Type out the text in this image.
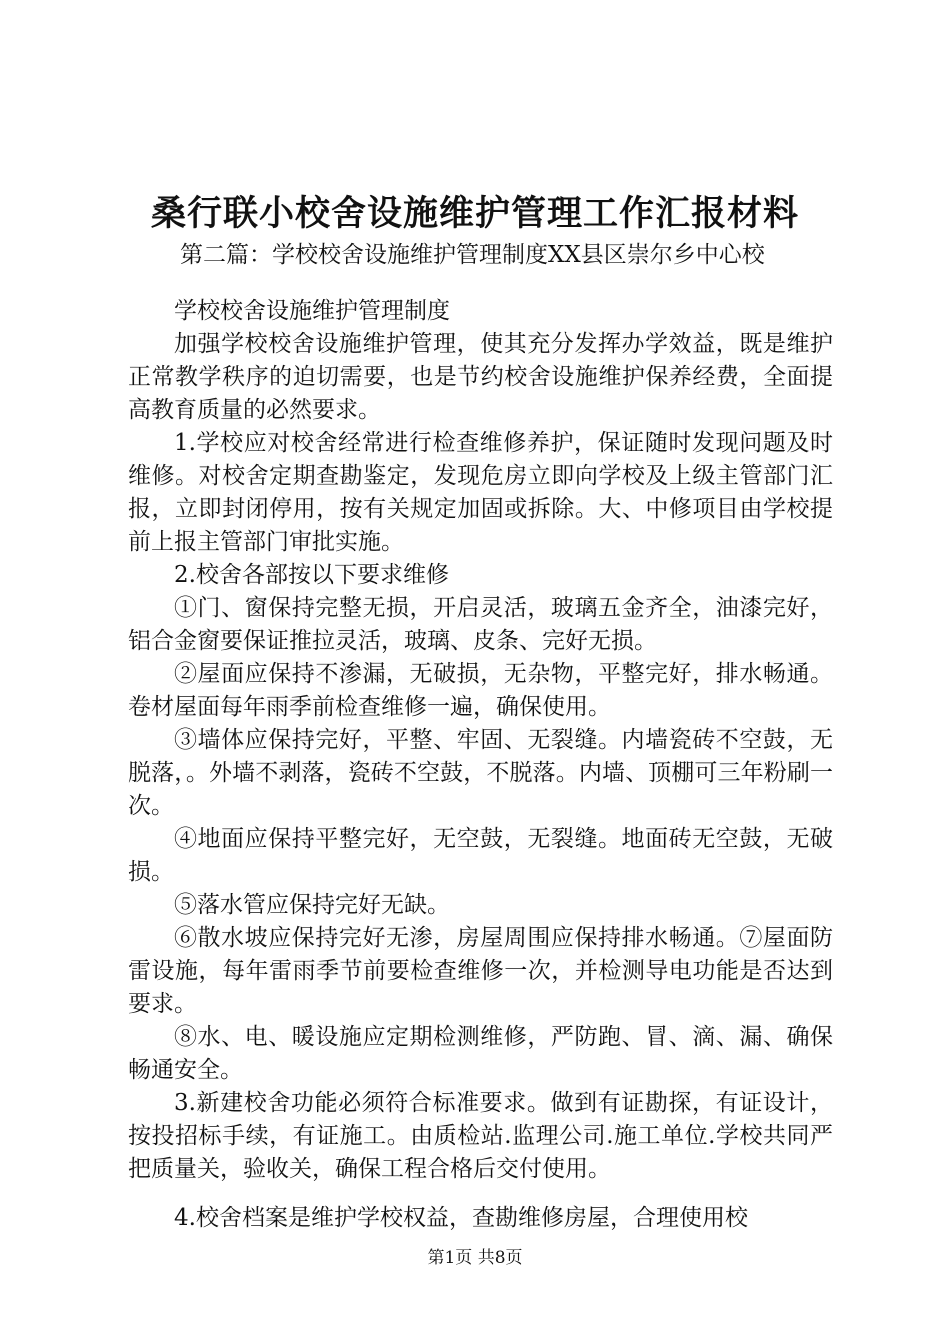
桑行联小校舍设施维护管理工作汇报材料
第二篇：学校校舍设施维护管理制度XX县区崇尔乡中心校

学校校舍设施维护管理制度

加强学校校舍设施维护管理，使其充分发挥办学效益，既是维护正常教学秩序的迫切需要，也是节约校舍设施维护保养经费，全面提高教育质量的必然要求。

1.学校应对校舍经常进行检查维修养护，保证随时发现问题及时维修。对校舍定期查勘鉴定，发现危房立即向学校及上级主管部门汇报，立即封闭停用，按有关规定加固或拆除。大、中修项目由学校提前上报主管部门审批实施。

2.校舍各部按以下要求维修

①门、窗保持完整无损，开启灵活，玻璃五金齐全，油漆完好，铝合金窗要保证推拉灵活，玻璃、皮条、完好无损。

②屋面应保持不渗漏，无破损，无杂物，平整完好，排水畅通。卷材屋面每年雨季前检查维修一遍，确保使用。

③墙体应保持完好，平整、牢固、无裂缝。内墙瓷砖不空鼓，无脱落，。外墙不剥落，瓷砖不空鼓，不脱落。内墙、顶棚可三年粉刷一次。

④地面应保持平整完好，无空鼓，无裂缝。地面砖无空鼓，无破损。

⑤落水管应保持完好无缺。

⑥散水坡应保持完好无渗，房屋周围应保持排水畅通。⑦屋面防雷设施，每年雷雨季节前要检查维修一次，并检测导电功能是否达到要求。

⑧水、电、暖设施应定期检测维修，严防跑、冒、滴、漏、确保畅通安全。

3.新建校舍功能必须符合标准要求。做到有证勘探，有证设计，按投招标手续，有证施工。由质检站.监理公司.施工单位.学校共同严把质量关，验收关，确保工程合格后交付使用。

4.校舍档案是维护学校权益，查勘维修房屋，合理使用校

第1页 共8页
